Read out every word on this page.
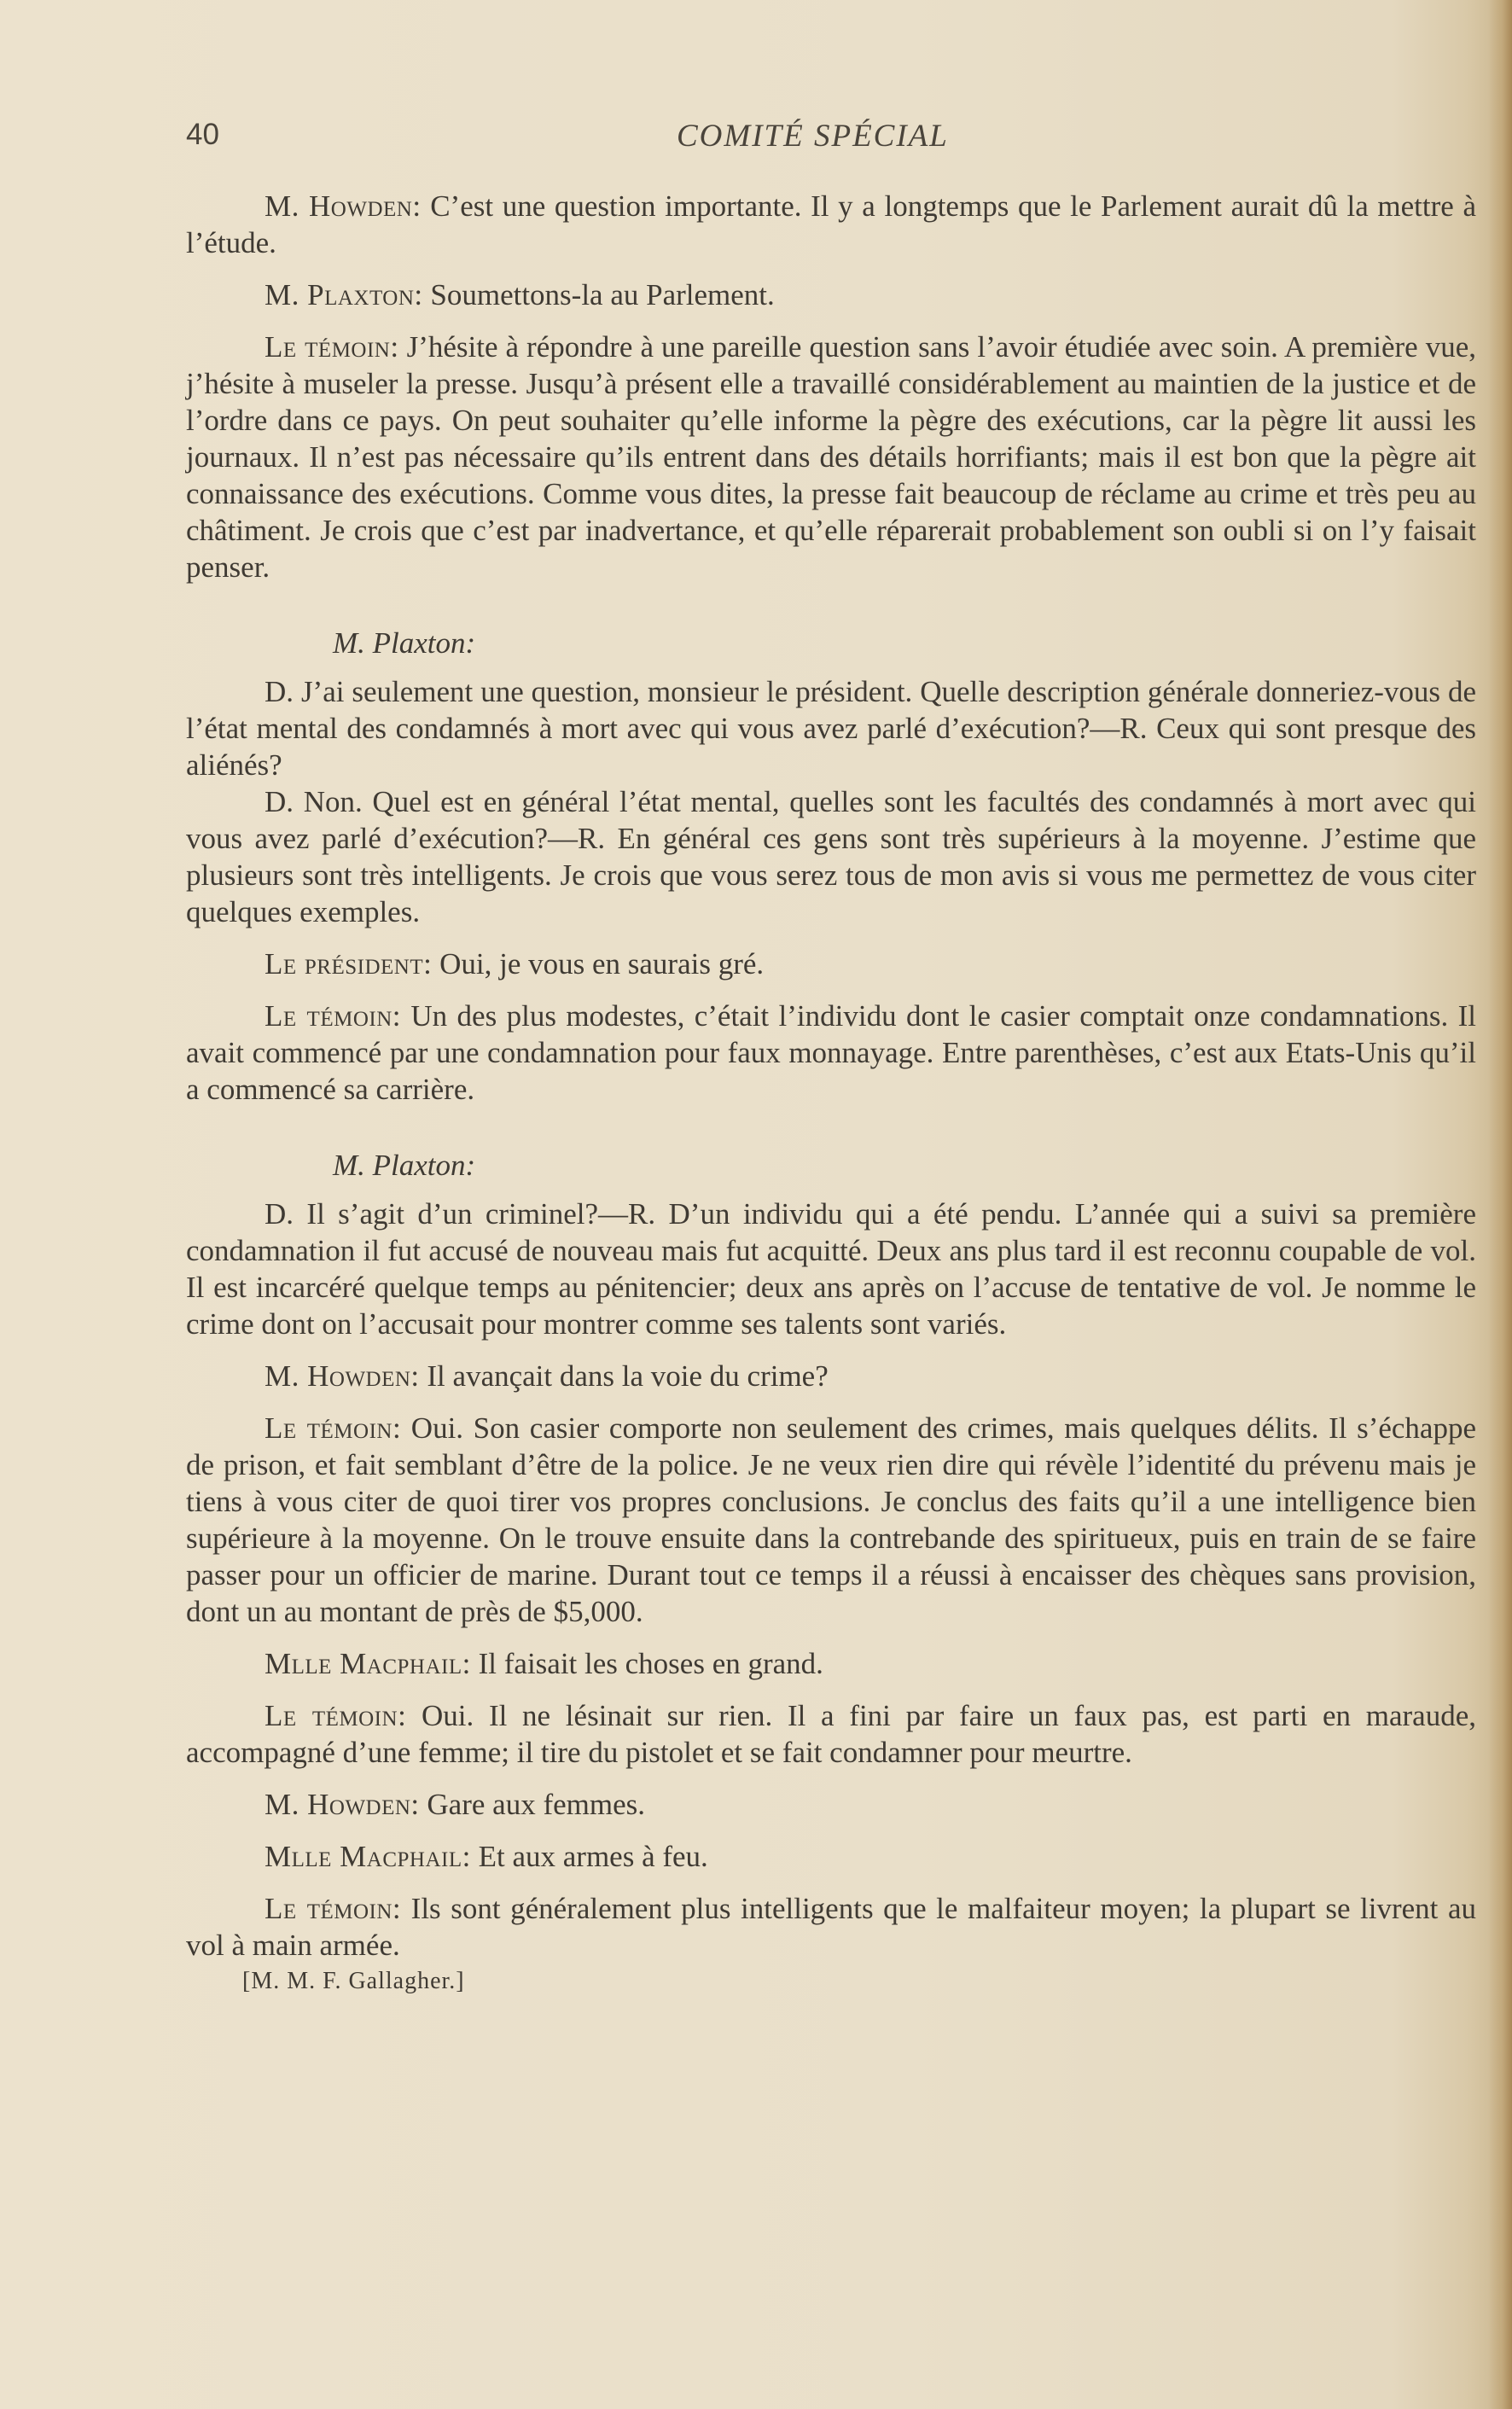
40	COMITÉ SPÉCIAL

M. Howden: C’est une question importante. Il y a longtemps que le Parlement aurait dû la mettre à l’étude.

M. Plaxton: Soumettons-la au Parlement.

Le témoin: J’hésite à répondre à une pareille question sans l’avoir étudiée avec soin. A première vue, j’hésite à museler la presse. Jusqu’à présent elle a travaillé considérablement au maintien de la justice et de l’ordre dans ce pays. On peut souhaiter qu’elle informe la pègre des exécutions, car la pègre lit aussi les journaux. Il n’est pas nécessaire qu’ils entrent dans des détails horrifiants; mais il est bon que la pègre ait connaissance des exécutions. Comme vous dites, la presse fait beaucoup de réclame au crime et très peu au châtiment. Je crois que c’est par inadvertance, et qu’elle réparerait probablement son oubli si on l’y faisait penser.

M. Plaxton:

D. J’ai seulement une question, monsieur le président. Quelle description générale donneriez-vous de l’état mental des condamnés à mort avec qui vous avez parlé d’exécution?—R. Ceux qui sont presque des aliénés?

D. Non. Quel est en général l’état mental, quelles sont les facultés des condamnés à mort avec qui vous avez parlé d’exécution?—R. En général ces gens sont très supérieurs à la moyenne. J’estime que plusieurs sont très intelligents. Je crois que vous serez tous de mon avis si vous me permettez de vous citer quelques exemples.

Le président: Oui, je vous en saurais gré.

Le témoin: Un des plus modestes, c’était l’individu dont le casier comptait onze condamnations. Il avait commencé par une condamnation pour faux monnayage. Entre parenthèses, c’est aux Etats-Unis qu’il a commencé sa carrière.

M. Plaxton:

D. Il s’agit d’un criminel?—R. D’un individu qui a été pendu. L’année qui a suivi sa première condamnation il fut accusé de nouveau mais fut acquitté. Deux ans plus tard il est reconnu coupable de vol. Il est incarcéré quelque temps au pénitencier; deux ans après on l’accuse de tentative de vol. Je nomme le crime dont on l’accusait pour montrer comme ses talents sont variés.

M. Howden: Il avançait dans la voie du crime?

Le témoin: Oui. Son casier comporte non seulement des crimes, mais quelques délits. Il s’échappe de prison, et fait semblant d’être de la police. Je ne veux rien dire qui révèle l’identité du prévenu mais je tiens à vous citer de quoi tirer vos propres conclusions. Je conclus des faits qu’il a une intelligence bien supérieure à la moyenne. On le trouve ensuite dans la contrebande des spiritueux, puis en train de se faire passer pour un officier de marine. Durant tout ce temps il a réussi à encaisser des chèques sans provision, dont un au montant de près de $5,000.

Mlle Macphail: Il faisait les choses en grand.

Le témoin: Oui. Il ne lésinait sur rien. Il a fini par faire un faux pas, est parti en maraude, accompagné d’une femme; il tire du pistolet et se fait condamner pour meurtre.

M. Howden: Gare aux femmes.

Mlle Macphail: Et aux armes à feu.

Le témoin: Ils sont généralement plus intelligents que le malfaiteur moyen; la plupart se livrent au vol à main armée.

[M. M. F. Gallagher.]
